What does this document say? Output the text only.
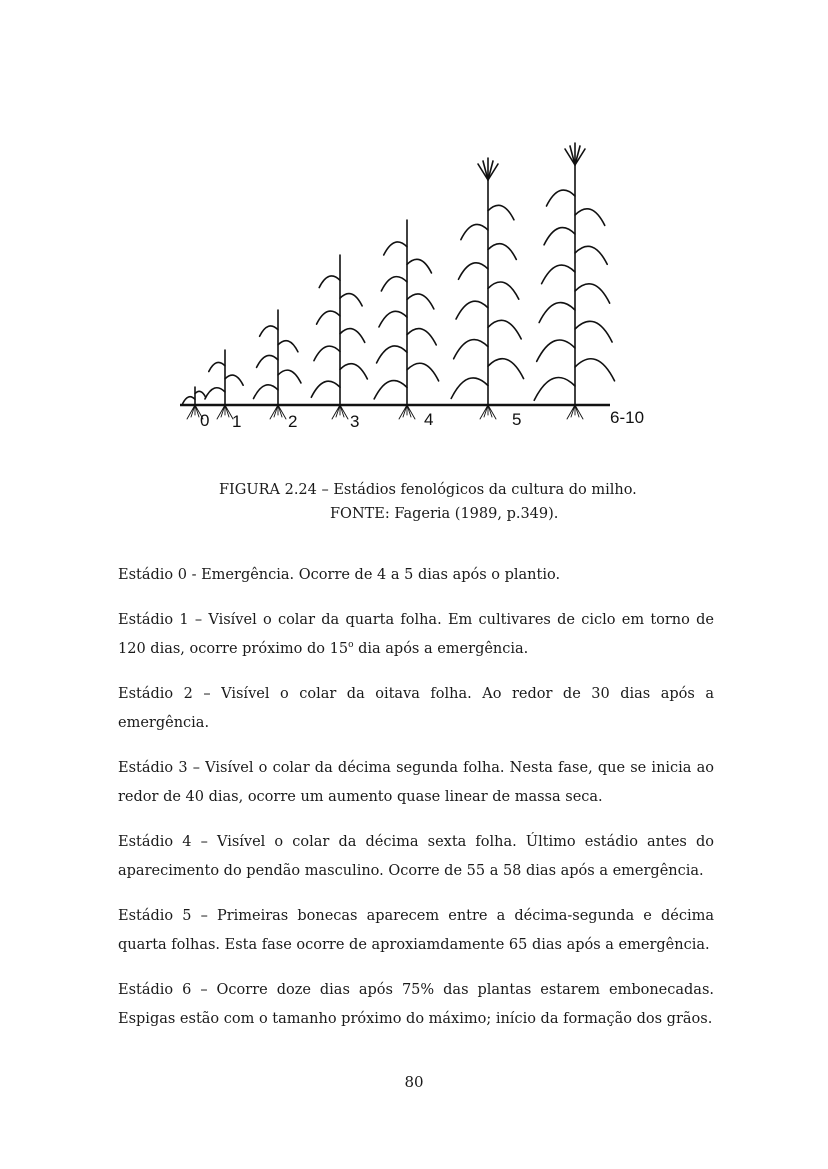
0 1	2	3	4	5	6-10
FIGURA 2.24 – Estádios fenológicos da cultura do milho.
FONTE: Fageria (1989, p.349).

Estádio 0 - Emergência. Ocorre de 4 a 5 dias após o plantio.

Estádio 1 – Visível o colar da quarta folha. Em cultivares de ciclo em torno de 120 dias, ocorre próximo do 15$^o$ dia após a emergência.

Estádio 2 – Visível o colar da oitava folha. Ao redor de 30 dias após a emergência.

Estádio 3 – Visível o colar da décima segunda folha. Nesta fase, que se inicia ao redor de 40 dias, ocorre um aumento quase linear de massa seca.

Estádio 4 – Visível o colar da décima sexta folha. Último estádio antes do aparecimento do pendão masculino. Ocorre de 55 a 58 dias após a emergência.

Estádio 5 – Primeiras bonecas aparecem entre a décima-segunda e décima quarta folhas. Esta fase ocorre de aproxiamdamente 65 dias após a emergência.

Estádio 6 – Ocorre doze dias após 75% das plantas estarem embonecadas. Espigas estão com o tamanho próximo do máximo; início da formação dos grãos.

80
